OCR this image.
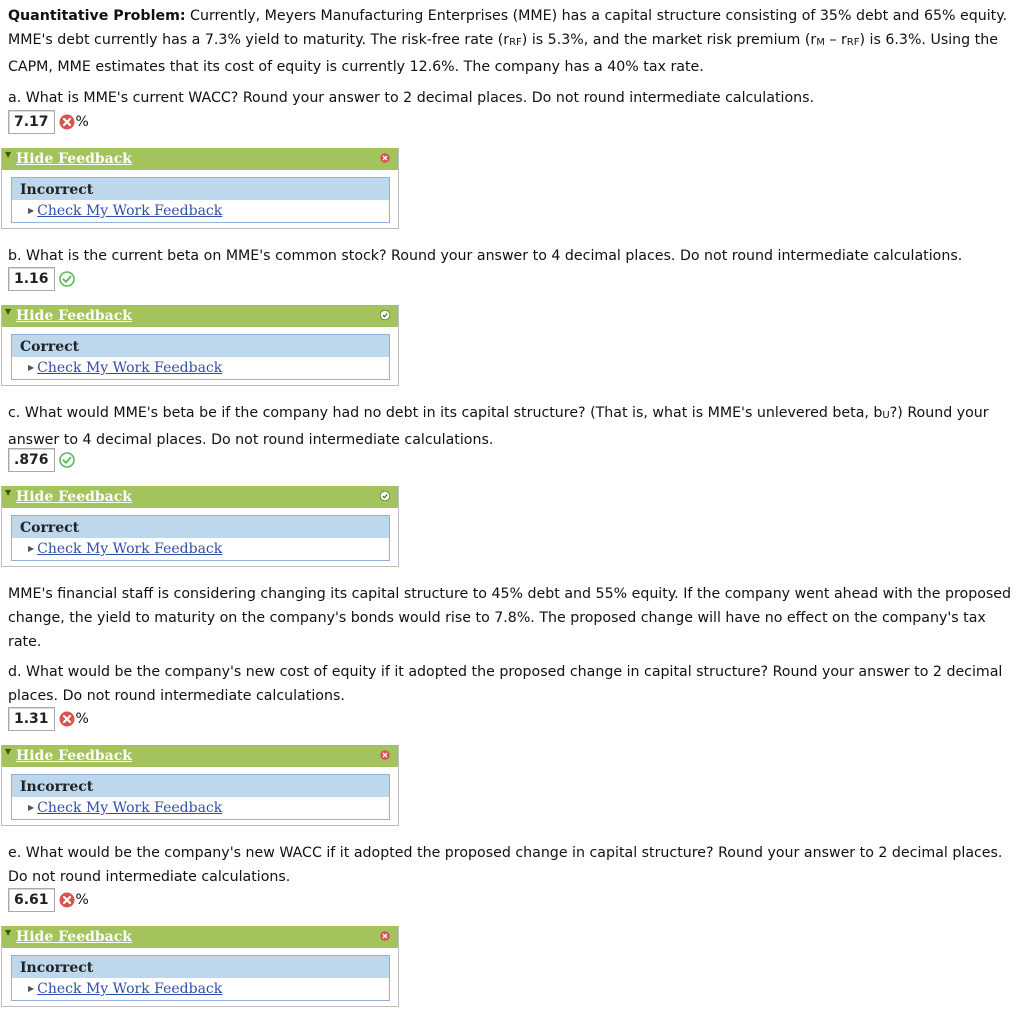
Quantitative Problem: Currently, Meyers Manufacturing Enterprises (MME) has a capital structure consisting of 35% debt and 65% equity. MME's debt currently has a 7.3% yield to maturity. The risk-free rate $(r_{RF})$ is 5.3%, and the market risk premium $(r_M - r_{RF})$ is 6.3%. Using the CAPM, MME estimates that its cost of equity is currently 12.6%. The company has a 40% tax rate.

a. What is MME's current WACC? Round your answer to 2 decimal places. Do not round intermediate calculations.

7.17	%
▼ Hide Feedback
Incorrect
▶ Check My Work Feedback

b. What is the current beta on MME's common stock? Round your answer to 4 decimal places. Do not round intermediate calculations.

1.16
▼ Hide Feedback
Correct
▶ Check My Work Feedback

c. What would MME's beta be if the company had no debt in its capital structure? (That is, what is MME's unlevered beta, $b_U$?) Round your answer to 4 decimal places. Do not round intermediate calculations.

.876
▼ Hide Feedback
Correct
▶ Check My Work Feedback

MME's financial staff is considering changing its capital structure to 45% debt and 55% equity. If the company went ahead with the proposed change, the yield to maturity on the company's bonds would rise to 7.8%. The proposed change will have no effect on the company's tax rate.

d. What would be the company's new cost of equity if it adopted the proposed change in capital structure? Round your answer to 2 decimal places. Do not round intermediate calculations.

1.31	%
▼ Hide Feedback
Incorrect
▶ Check My Work Feedback

e. What would be the company's new WACC if it adopted the proposed change in capital structure? Round your answer to 2 decimal places. Do not round intermediate calculations.

6.61	%
▼ Hide Feedback
Incorrect
▶ Check My Work Feedback
